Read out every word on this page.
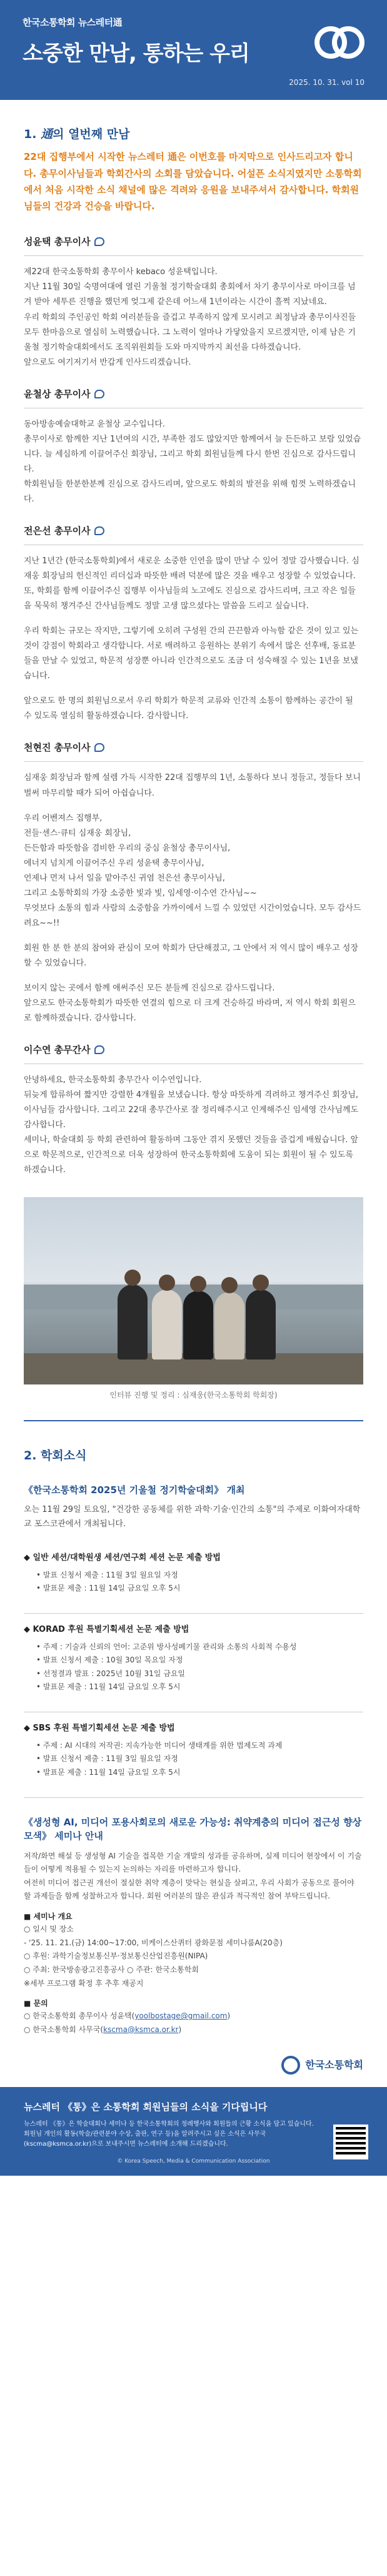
한국소통학회 뉴스레터通
소중한 만남, 통하는 우리
2025. 10. 31. vol 10
1. 通의 열번째 만남

22대 집행부에서 시작한 뉴스레터 通은 이번호를 마지막으로 인사드리고자 합니다. 총무이사님들과 학회간사의 소회를 담았습니다. 어설픈 소식지였지만 소통학회에서 처음 시작한 소식 채널에 많은 격려와 응원을 보내주셔서 감사합니다. 학회원님들의 건강과 건승을 바랍니다.

성윤택 총무이사

제22대 한국소통학회 총무이사 kebaco 성윤택입니다.
지난 11월 30일 숙명여대에 열린 기울철 정기학술대회 총회에서 차기 총무이사로 마이크를 넘겨 받아 세투른 진행을 했던게 엊그제 같은데 어느새 1년이라는 시간이 흘쩍 지났네요.
우리 학회의 주인공인 학회 여러분들을 즐겁고 부족하지 않게 모시려고 최정남과 총무이사진들 모두 한마음으로 열심히 노력했습니다. 그 노력이 얼마나 가닿았을지 모르겠지만, 이제 남은 기울철 정기학술대회에서도 조직위원회들 도와 마지막까지 최선을 다하겠습니다.
앞으로도 여기저기서 반갑게 인사드리겠습니다.

윤철상 총무이사

동아방송예술대학교 윤철상 교수입니다.
총무이사로 함께한 지난 1년여의 시간, 부족한 점도 많았지만 함께여서 늘 든든하고 보람 있었습니다. 늘 세심하게 이끌어주신 회장님, 그리고 학회 회원님들께 다시 한번 진심으로 감사드립니다.
학회원님들 한분한분께 진심으로 감사드리며, 앞으로도 학회의 발전을 위해 힘껏 노력하겠습니다.

전은선 총무이사

지난 1년간 (한국소통학회)에서 새로운 소중한 인연을 많이 만날 수 있어 정말 감사했습니다. 심재웅 회장님의 헌신적인 리더십과 따뜻한 배려 덕분에 많은 것을 배우고 성장할 수 있었습니다. 또, 학회를 함께 이끌어주신 집행부 이사님들의 노고에도 진심으로 감사드리며, 크고 작은 일들을 묵묵히 챙겨주신 간사님들께도 정말 고생 많으셨다는 말씀을 드리고 싶습니다.

우리 학회는 규모는 작지만, 그렇기에 오히려 구성원 간의 끈끈함과 아늑함 같은 것이 있고 있는 것이 강점이 학회라고 생각합니다. 서로 배려하고 응원하는 분위기 속에서 많은 선후배, 동료분들을 만날 수 있었고, 학문적 성장뿐 아니라 인간적으로도 조금 더 성숙해질 수 있는 1년을 보냈습니다.

앞으로도 한 명의 회원님으로서 우리 학회가 학문적 교류와 인간적 소통이 함께하는 공간이 될 수 있도록 열심히 활동하겠습니다. 감사합니다.

천현진 총무이사

심재웅 회장님과 함께 설렘 가득 시작한 22대 집행부의 1년, 소통하다 보니 정들고, 정들다 보니 벌써 마무리할 때가 되어 아쉽습니다.

우리 어벤져스 집행부,
전들·센스·큐티 심재웅 회장님,
든든함과 따뜻함을 겸비한 우리의 중심 윤철상 총무이사님,
에너지 넘치게 이끌어주신 우리 성윤택 총무이사님,
언제나 먼저 나서 일을 맡아주신 귀염 천은선 총무이사님,
그리고 소통학회의 가장 소중한 빛과 빛, 임세영·이수연 간사님~~
무엇보다 소통의 힘과 사람의 소중함을 가까이에서 느낄 수 있었던 시간이었습니다. 모두 감사드려요~~!!

회원 한 분 한 분의 참여와 관심이 모여 학회가 단단해졌고, 그 안에서 저 역시 많이 배우고 성장할 수 있었습니다.

보이지 않는 곳에서 함께 애써주신 모든 분들께 진심으로 감사드립니다.
앞으로도 한국소통학회가 따뜻한 연결의 힘으로 더 크게 건승하길 바라며, 저 역시 학회 회원으로 함께하겠습니다. 감사합니다.

이수연 총무간사

안녕하세요, 한국소통학회 총무간사 이수연입니다.
뒤늦게 합류하여 짧지만 강렬한 4개월을 보냈습니다. 항상 따뜻하게 격려하고 챙겨주신 회장님, 이사님들 감사합니다. 그리고 22대 총무간사로 잘 정리해주시고 인계해주신 임세영 간사님께도 감사합니다.
세미나, 학술대회 등 학회 관련하여 활동하며 그동안 겪지 못했던 것들을 즐겁게 배웠습니다. 앞으로 학문적으로, 인간적으로 더욱 성장하여 한국소통학회에 도움이 되는 회원이 될 수 있도록 하겠습니다.

인터뷰 진행 및 정리 : 심재웅(한국소통학회 학회장)
2. 학회소식
《한국소통학회 2025년 기울철 정기학술대회》 개최

오는 11월 29일 토요일, "건강한 공동체를 위한 과학·기술·인간의 소통"의 주제로 이화여자대학교 포스코관에서 개최됩니다.

◆ 일반 세션/대학원생 세션/연구회 세션 논문 제출 방법
• 발표 신청서 제출 : 11월 3일 월요일 자정
• 발표문 제출 : 11월 14일 금요일 오후 5시
◆ KORAD 후원 특별기획세션 논문 제출 방법
• 주제 : 기술과 신뢰의 언어: 고준위 방사성폐기물 관리와 소통의 사회적 수용성
• 발표 신청서 제출 : 10월 30일 목요일 자정
• 선정결과 발표 : 2025년 10월 31일 금요일
• 발표문 제출 : 11월 14일 금요일 오후 5시
◆ SBS 후원 특별기획세션 논문 제출 방법
• 주제 : AI 시대의 저작권: 지속가능한 미디어 생태계를 위한 법제도적 과제
• 발표 신청서 제출 : 11월 3일 월요일 자정
• 발표문 제출 : 11월 14일 금요일 오후 5시
《생성형 AI, 미디어 포용사회로의 새로운 가능성: 취약계층의 미디어 접근성 향상 모색》 세미나 안내

저작/화면 해설 등 생성형 AI 기술을 접목한 기술 개발의 성과를 공유하며, 실제 미디어 현장에서 이 기술들이 어떻게 적용될 수 있는지 논의하는 자리를 마련하고자 합니다.
여전히 미디어 접근권 개선이 절실한 취약 계층이 맞닥는 현실을 살피고, 우리 사회가 공동으로 풀어야 할 과제들을 함께 성찰하고자 합니다. 회원 여러분의 많은 관심과 적극적인 참여 부탁드립니다.

■ 세미나 개요
○ 일시 및 장소
- '25. 11. 21.(금) 14:00~17:00, 비케이스산퀴터 광화문점 세미나룸A(20층)
○ 후원: 과학기술정보통신부·정보통신산업진흥원(NIPA)
○ 주최: 한국방송광고진흥공사 ○ 주관: 한국소통학회
※세부 프로그램 확정 후 추후 재공지
■ 문의
○ 한국소통학회 총무이사 성윤택(yoolbostage@gmail.com)
○ 한국소통학회 사무국(kscma@ksmca.or.kr)
한국소통학회
뉴스레터 《통》은 소통학회 회원님들의 소식을 기다립니다
뉴스레터 《통》은 학술대회나 세미나 등 한국소통학회의 정례행사와 회원들의 근황 소식을 담고 있습니다. 회원님 개인의 활동(학술/관련분야 수상, 출판, 연구 등)을 알려주시고 싶은 소식은 사무국(kscma@ksmca.or.kr)으로 보내주시면 뉴스레터에 소개해 드리겠습니다.
© Korea Speech, Media & Communication Association
